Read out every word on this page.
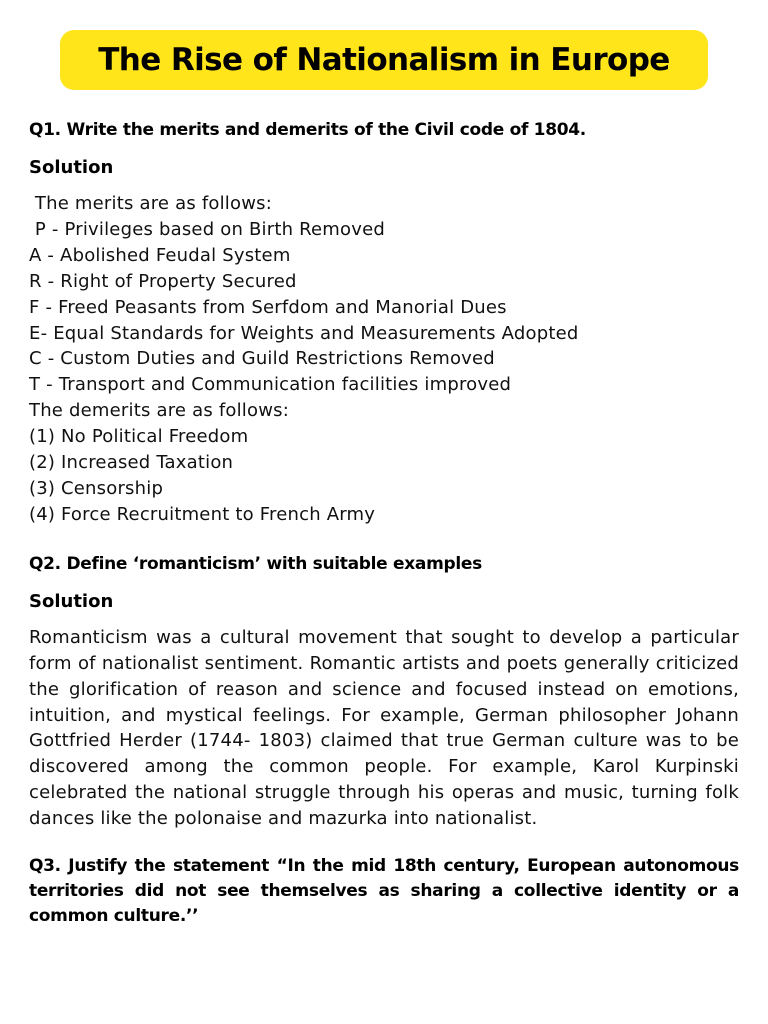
The Rise of Nationalism in Europe

Q1. Write the merits and demerits of the Civil code of 1804.

Solution

The merits are as follows:
P - Privileges based on Birth Removed
A - Abolished Feudal System
R - Right of Property Secured
F - Freed Peasants from Serfdom and Manorial Dues
E- Equal Standards for Weights and Measurements Adopted
C - Custom Duties and Guild Restrictions Removed
T - Transport and Communication facilities improved
The demerits are as follows:
(1) No Political Freedom
(2) Increased Taxation
(3) Censorship
(4) Force Recruitment to French Army

Q2. Define ‘romanticism’ with suitable examples

Solution

Romanticism was a cultural movement that sought to develop a particular form of nationalist sentiment. Romantic artists and poets generally criticized the glorification of reason and science and focused instead on emotions, intuition, and mystical feelings. For example, German philosopher Johann Gottfried Herder (1744- 1803) claimed that true German culture was to be discovered among the common people. For example, Karol Kurpinski celebrated the national struggle through his operas and music, turning folk dances like the polonaise and mazurka into nationalist.

Q3. Justify the statement “In the mid 18th century, European autonomous territories did not see themselves as sharing a collective identity or a common culture.’’
